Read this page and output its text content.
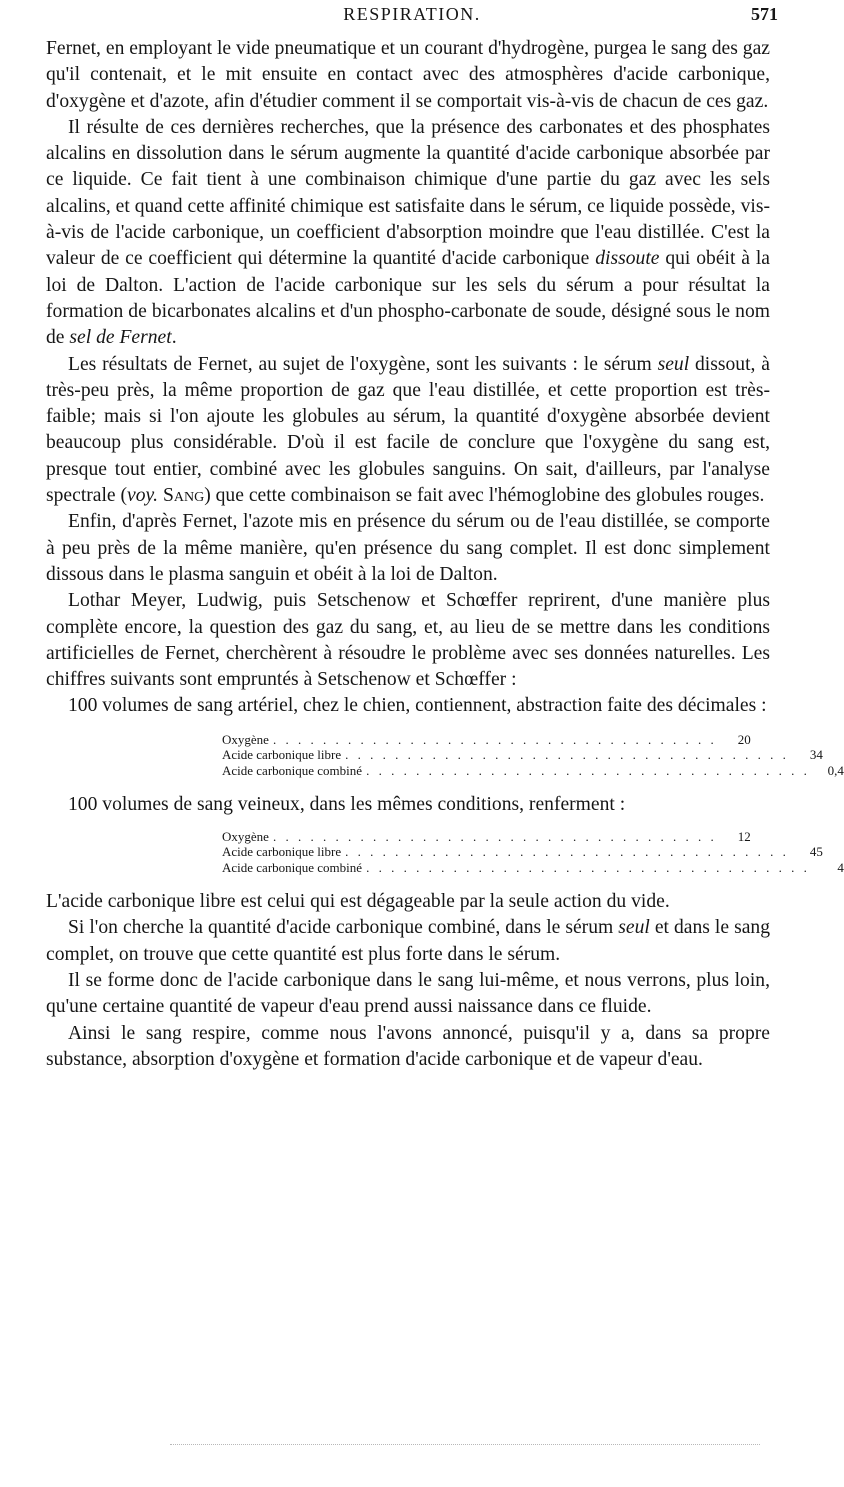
RESPIRATION.	571

Fernet, en employant le vide pneumatique et un courant d'hydrogène, purgea le sang des gaz qu'il contenait, et le mit ensuite en contact avec des atmosphères d'acide carbonique, d'oxygène et d'azote, afin d'étudier comment il se comportait vis-à-vis de chacun de ces gaz.

Il résulte de ces dernières recherches, que la présence des carbonates et des phosphates alcalins en dissolution dans le sérum augmente la quantité d'acide carbonique absorbée par ce liquide. Ce fait tient à une combinaison chimique d'une partie du gaz avec les sels alcalins, et quand cette affinité chimique est satisfaite dans le sérum, ce liquide possède, vis-à-vis de l'acide carbonique, un coefficient d'absorption moindre que l'eau distillée. C'est la valeur de ce coefficient qui détermine la quantité d'acide carbonique dissoute qui obéit à la loi de Dalton. L'action de l'acide carbonique sur les sels du sérum a pour résultat la formation de bicarbonates alcalins et d'un phospho-carbonate de soude, désigné sous le nom de sel de Fernet.

Les résultats de Fernet, au sujet de l'oxygène, sont les suivants : le sérum seul dissout, à très-peu près, la même proportion de gaz que l'eau distillée, et cette proportion est très-faible; mais si l'on ajoute les globules au sérum, la quantité d'oxygène absorbée devient beaucoup plus considérable. D'où il est facile de conclure que l'oxygène du sang est, presque tout entier, combiné avec les globules sanguins. On sait, d'ailleurs, par l'analyse spectrale (voy. Sang) que cette combinaison se fait avec l'hémoglobine des globules rouges.

Enfin, d'après Fernet, l'azote mis en présence du sérum ou de l'eau distillée, se comporte à peu près de la même manière, qu'en présence du sang complet. Il est donc simplement dissous dans le plasma sanguin et obéit à la loi de Dalton.

Lothar Meyer, Ludwig, puis Setschenow et Schœffer reprirent, d'une manière plus complète encore, la question des gaz du sang, et, au lieu de se mettre dans les conditions artificielles de Fernet, cherchèrent à résoudre le problème avec ses données naturelles. Les chiffres suivants sont empruntés à Setschenow et Schœffer :

100 volumes de sang artériel, chez le chien, contiennent, abstraction faite des décimales :

Oxygène . . . . . . . . . . . . . . . . . . . . . . . . . . . . . . . . . . . .	20
Acide carbonique libre . . . . . . . . . . . . . . . . . . . . . . . . . . . . . . . . . . . .	34
Acide carbonique combiné . . . . . . . . . . . . . . . . . . . . . . . . . . . . . . . . . . . .	0,4

100 volumes de sang veineux, dans les mêmes conditions, renferment :

Oxygène . . . . . . . . . . . . . . . . . . . . . . . . . . . . . . . . . . . .	12
Acide carbonique libre . . . . . . . . . . . . . . . . . . . . . . . . . . . . . . . . . . . .	45
Acide carbonique combiné . . . . . . . . . . . . . . . . . . . . . . . . . . . . . . . . . . . .	4

L'acide carbonique libre est celui qui est dégageable par la seule action du vide.

Si l'on cherche la quantité d'acide carbonique combiné, dans le sérum seul et dans le sang complet, on trouve que cette quantité est plus forte dans le sérum.

Il se forme donc de l'acide carbonique dans le sang lui-même, et nous verrons, plus loin, qu'une certaine quantité de vapeur d'eau prend aussi naissance dans ce fluide.

Ainsi le sang respire, comme nous l'avons annoncé, puisqu'il y a, dans sa propre substance, absorption d'oxygène et formation d'acide carbonique et de vapeur d'eau.
